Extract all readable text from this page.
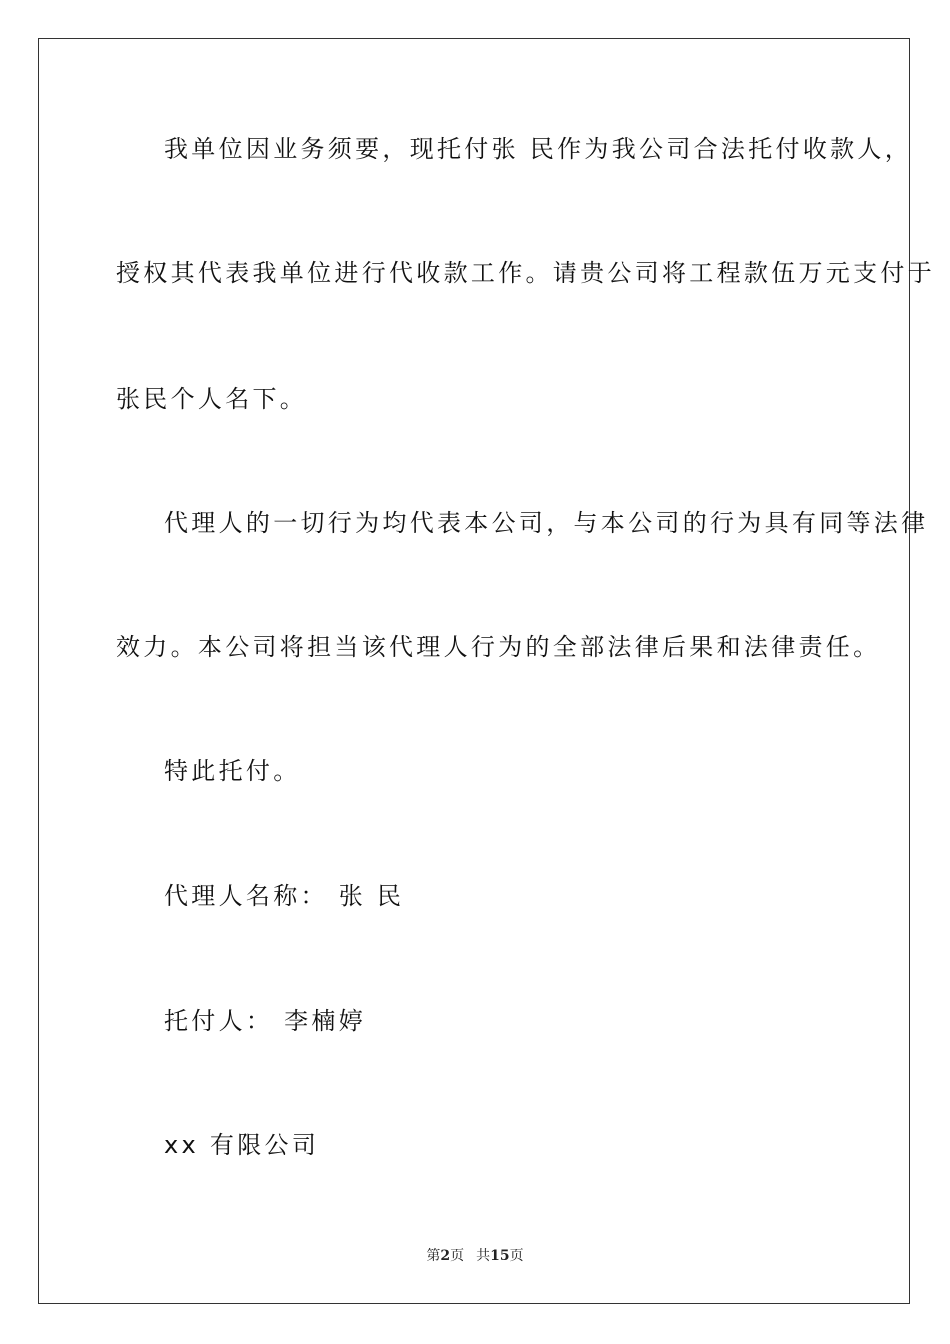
我单位因业务须要，现托付张 民作为我公司合法托付收款人，
授权其代表我单位进行代收款工作。请贵公司将工程款伍万元支付于
张民个人名下。
代理人的一切行为均代表本公司，与本公司的行为具有同等法律
效力。本公司将担当该代理人行为的全部法律后果和法律责任。
特此托付。
代理人名称： 张 民
托付人： 李楠婷
xx 有限公司
第2页 共15页
